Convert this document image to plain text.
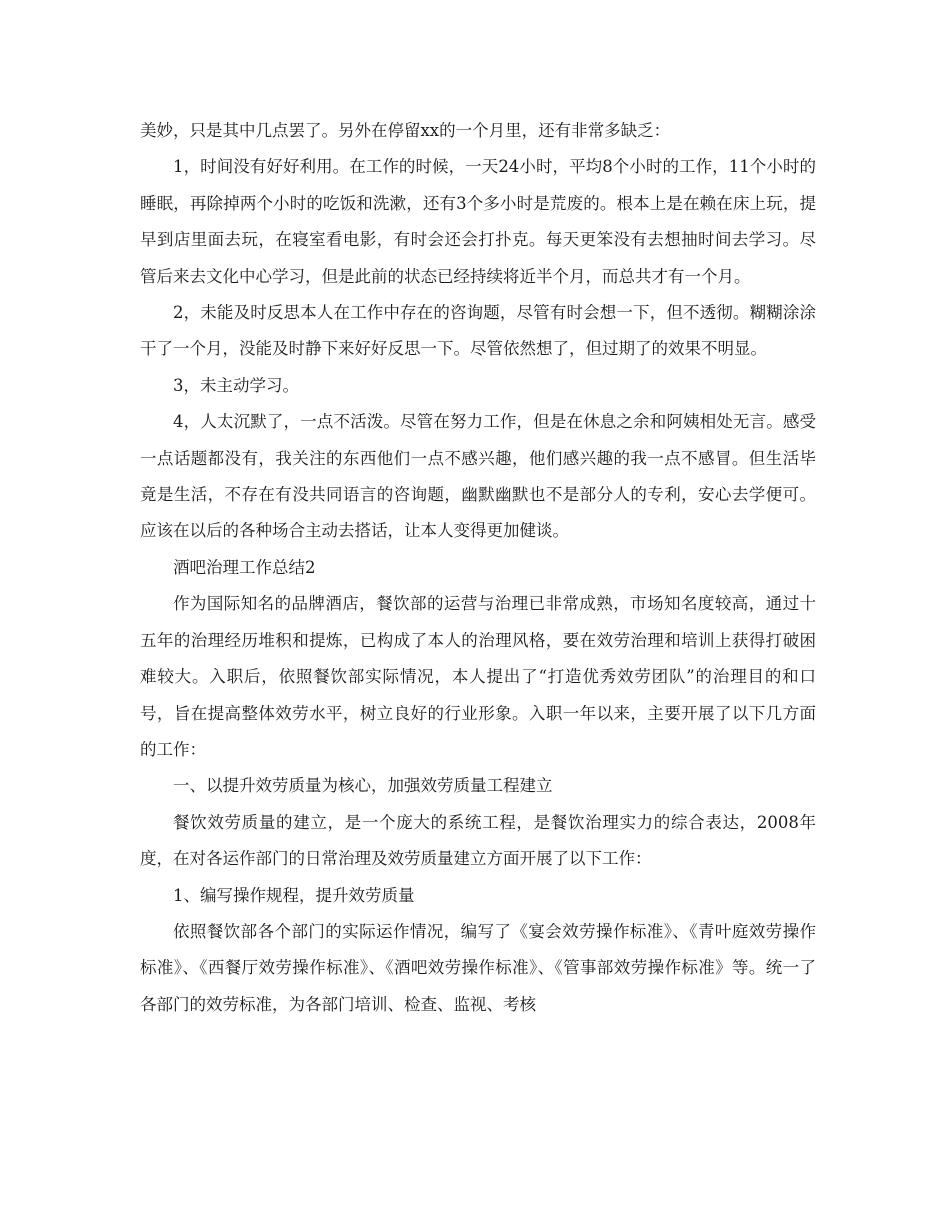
美妙，只是其中几点罢了。另外在停留xx的一个月里，还有非常多缺乏：

1，时间没有好好利用。在工作的时候，一天24小时，平均8个小时的工作，11个小时的睡眠，再除掉两个小时的吃饭和洗漱，还有3个多小时是荒废的。根本上是在赖在床上玩，提早到店里面去玩，在寝室看电影，有时会还会打扑克。每天更笨没有去想抽时间去学习。尽管后来去文化中心学习，但是此前的状态已经持续将近半个月，而总共才有一个月。

2，未能及时反思本人在工作中存在的咨询题，尽管有时会想一下，但不透彻。糊糊涂涂干了一个月，没能及时静下来好好反思一下。尽管依然想了，但过期了的效果不明显。

3，未主动学习。

4，人太沉默了，一点不活泼。尽管在努力工作，但是在休息之余和阿姨相处无言。感受一点话题都没有，我关注的东西他们一点不感兴趣，他们感兴趣的我一点不感冒。但生活毕竟是生活，不存在有没共同语言的咨询题，幽默幽默也不是部分人的专利，安心去学便可。应该在以后的各种场合主动去搭话，让本人变得更加健谈。

酒吧治理工作总结2

作为国际知名的品牌酒店，餐饮部的运营与治理已非常成熟，市场知名度较高，通过十五年的治理经历堆积和提炼，已构成了本人的治理风格，要在效劳治理和培训上获得打破困难较大。入职后，依照餐饮部实际情况，本人提出了“打造优秀效劳团队”的治理目的和口号，旨在提高整体效劳水平，树立良好的行业形象。入职一年以来，主要开展了以下几方面的工作：

一、以提升效劳质量为核心，加强效劳质量工程建立

餐饮效劳质量的建立，是一个庞大的系统工程，是餐饮治理实力的综合表达，2008年度，在对各运作部门的日常治理及效劳质量建立方面开展了以下工作：

1、编写操作规程，提升效劳质量

依照餐饮部各个部门的实际运作情况，编写了《宴会效劳操作标准》、《青叶庭效劳操作标准》、《西餐厅效劳操作标准》、《酒吧效劳操作标准》、《管事部效劳操作标准》等。统一了各部门的效劳标准，为各部门培训、检查、监视、考核
